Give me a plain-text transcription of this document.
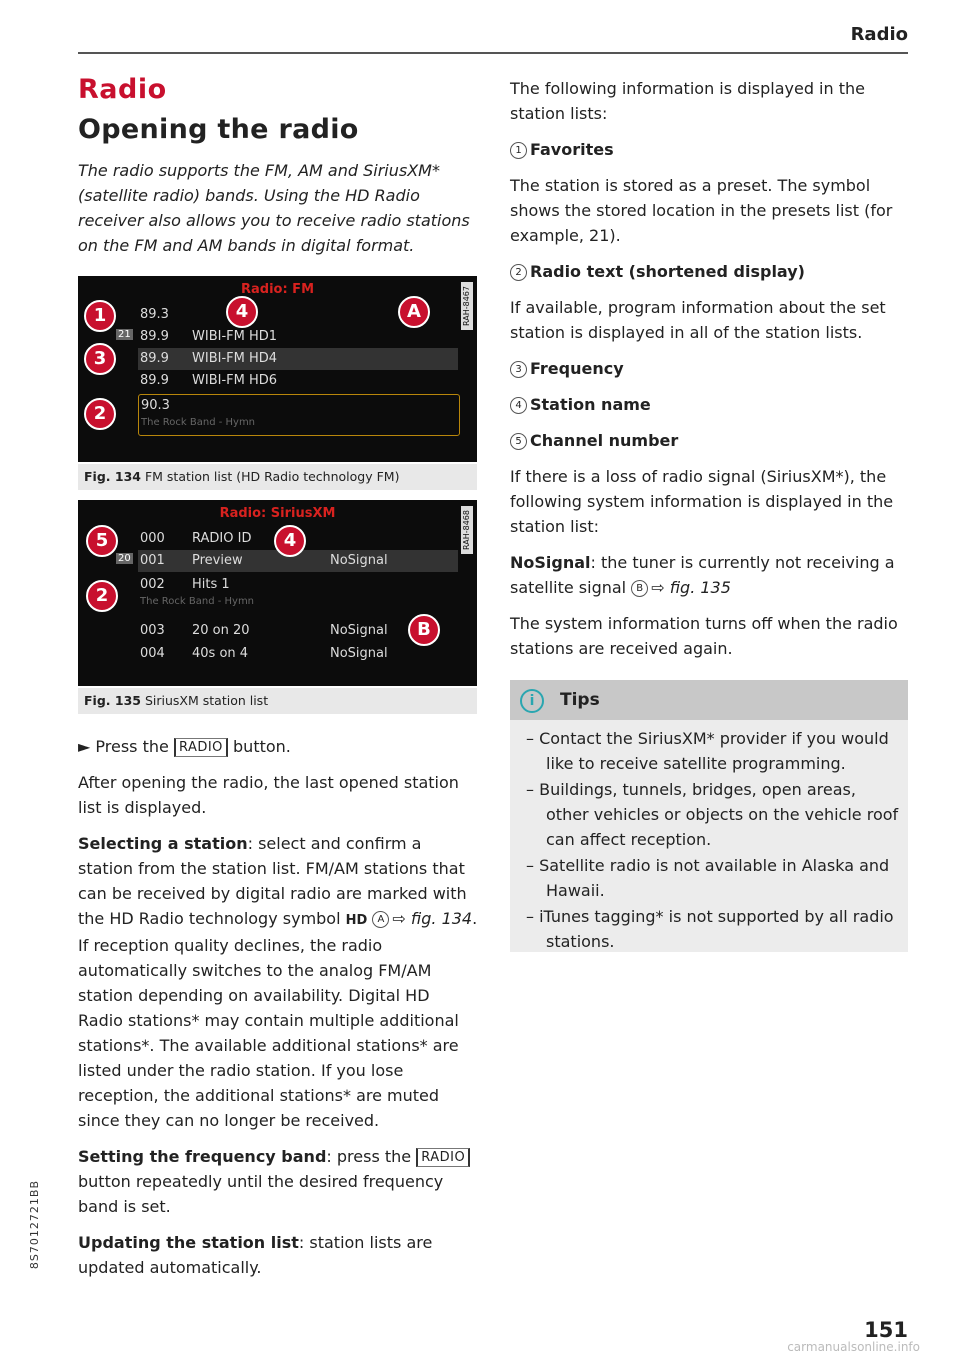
Radio
Radio
Opening the radio

The radio supports the FM, AM and SiriusXM* (satellite radio) bands. Using the HD Radio receiver also allows you to receive radio stations on the FM and AM bands in digital format.

Radio: FM	RAH-8467
89.3
21 89.9 WIBI-FM HD1
89.9 WIBI-FM HD4
89.9 WIBI-FM HD6
90.3
The Rock Band - Hymn
1	4	A
3
2
Fig. 134 FM station list (HD Radio technology FM)
Radio: SiriusXM	RAH-8468
000 RADIO ID
20 001 Preview	NoSignal
002 Hits 1
The Rock Band - Hymn
003 20 on 20	NoSignal
004 40s on 4	NoSignal
5	4
2
B
Fig. 135 SiriusXM station list

► Press the RADIO button.

After opening the radio, the last opened station list is displayed.

Selecting a station: select and confirm a station from the station list. FM/AM stations that can be received by digital radio are marked with the HD Radio technology symbol HD A ⇨ fig. 134. If reception quality declines, the radio automatically switches to the analog FM/AM station depending on availability. Digital HD Radio stations* may contain multiple additional stations*. The available additional stations* are listed under the radio station. If you lose reception, the additional stations* are muted since they can no longer be received.

Setting the frequency band: press the RADIO button repeatedly until the desired frequency band is set.

Updating the station list: station lists are updated automatically.

The following information is displayed in the station lists:

1 Favorites

The station is stored as a preset. The symbol shows the stored location in the presets list (for example, 21).

2 Radio text (shortened display)

If available, program information about the set station is displayed in all of the station lists.

3 Frequency

4 Station name

5 Channel number

If there is a loss of radio signal (SiriusXM*), the following system information is displayed in the station list:

NoSignal: the tuner is currently not receiving a satellite signal B ⇨ fig. 135

The system information turns off when the radio stations are received again.

i	Tips
– Contact the SiriusXM* provider if you would like to receive satellite programming.
– Buildings, tunnels, bridges, open areas, other vehicles or objects on the vehicle roof can affect reception.
– Satellite radio is not available in Alaska and Hawaii.
– iTunes tagging* is not supported by all radio stations.
8S7012721BB
151
carmanualsonline.info
